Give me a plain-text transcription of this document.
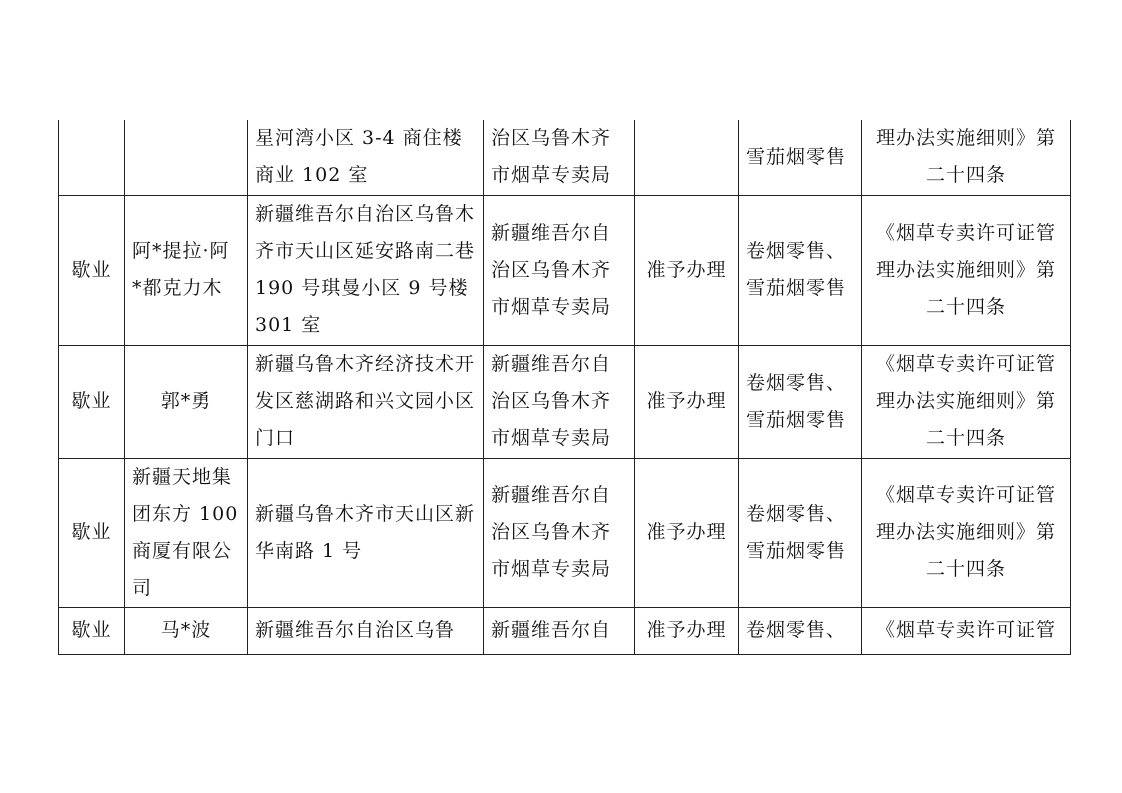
		星河湾小区 3-4 商住楼商业 102 室	治区乌鲁木齐市烟草专卖局		雪茄烟零售	理办法实施细则》第二十四条
歇业	阿*提拉·阿*都克力木	新疆维吾尔自治区乌鲁木齐市天山区延安路南二巷 190 号琪曼小区 9 号楼 301 室	新疆维吾尔自治区乌鲁木齐市烟草专卖局	准予办理	卷烟零售、雪茄烟零售	《烟草专卖许可证管理办法实施细则》第二十四条
歇业	郭*勇	新疆乌鲁木齐经济技术开发区慈湖路和兴文园小区门口	新疆维吾尔自治区乌鲁木齐市烟草专卖局	准予办理	卷烟零售、雪茄烟零售	《烟草专卖许可证管理办法实施细则》第二十四条
歇业	新疆天地集团东方 100 商厦有限公司	新疆乌鲁木齐市天山区新华南路 1 号	新疆维吾尔自治区乌鲁木齐市烟草专卖局	准予办理	卷烟零售、雪茄烟零售	《烟草专卖许可证管理办法实施细则》第二十四条
歇业	马*波	新疆维吾尔自治区乌鲁	新疆维吾尔自	准予办理	卷烟零售、	《烟草专卖许可证管
